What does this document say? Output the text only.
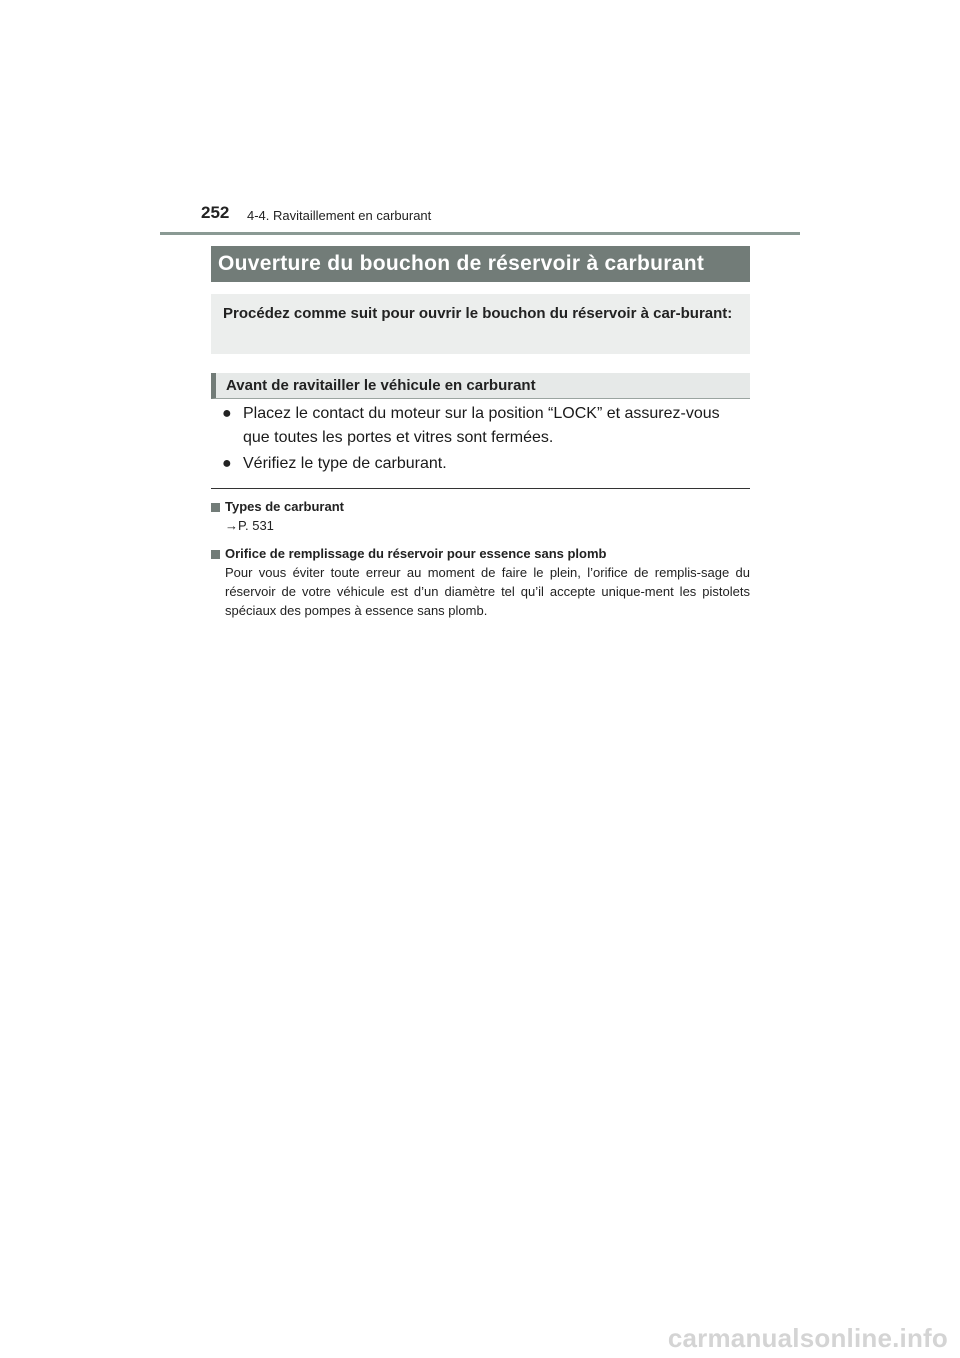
252 4-4. Ravitaillement en carburant
Ouverture du bouchon de réservoir à carburant
Procédez comme suit pour ouvrir le bouchon du réservoir à car-burant:
Avant de ravitailler le véhicule en carburant
● Placez le contact du moteur sur la position “LOCK” et assurez-vous que toutes les portes et vitres sont fermées.
● Vérifiez le type de carburant.
Types de carburant
→P. 531
Orifice de remplissage du réservoir pour essence sans plomb
Pour vous éviter toute erreur au moment de faire le plein, l’orifice de remplis-sage du réservoir de votre véhicule est d’un diamètre tel qu’il accepte unique-ment les pistolets spéciaux des pompes à essence sans plomb.
carmanualsonline.info
